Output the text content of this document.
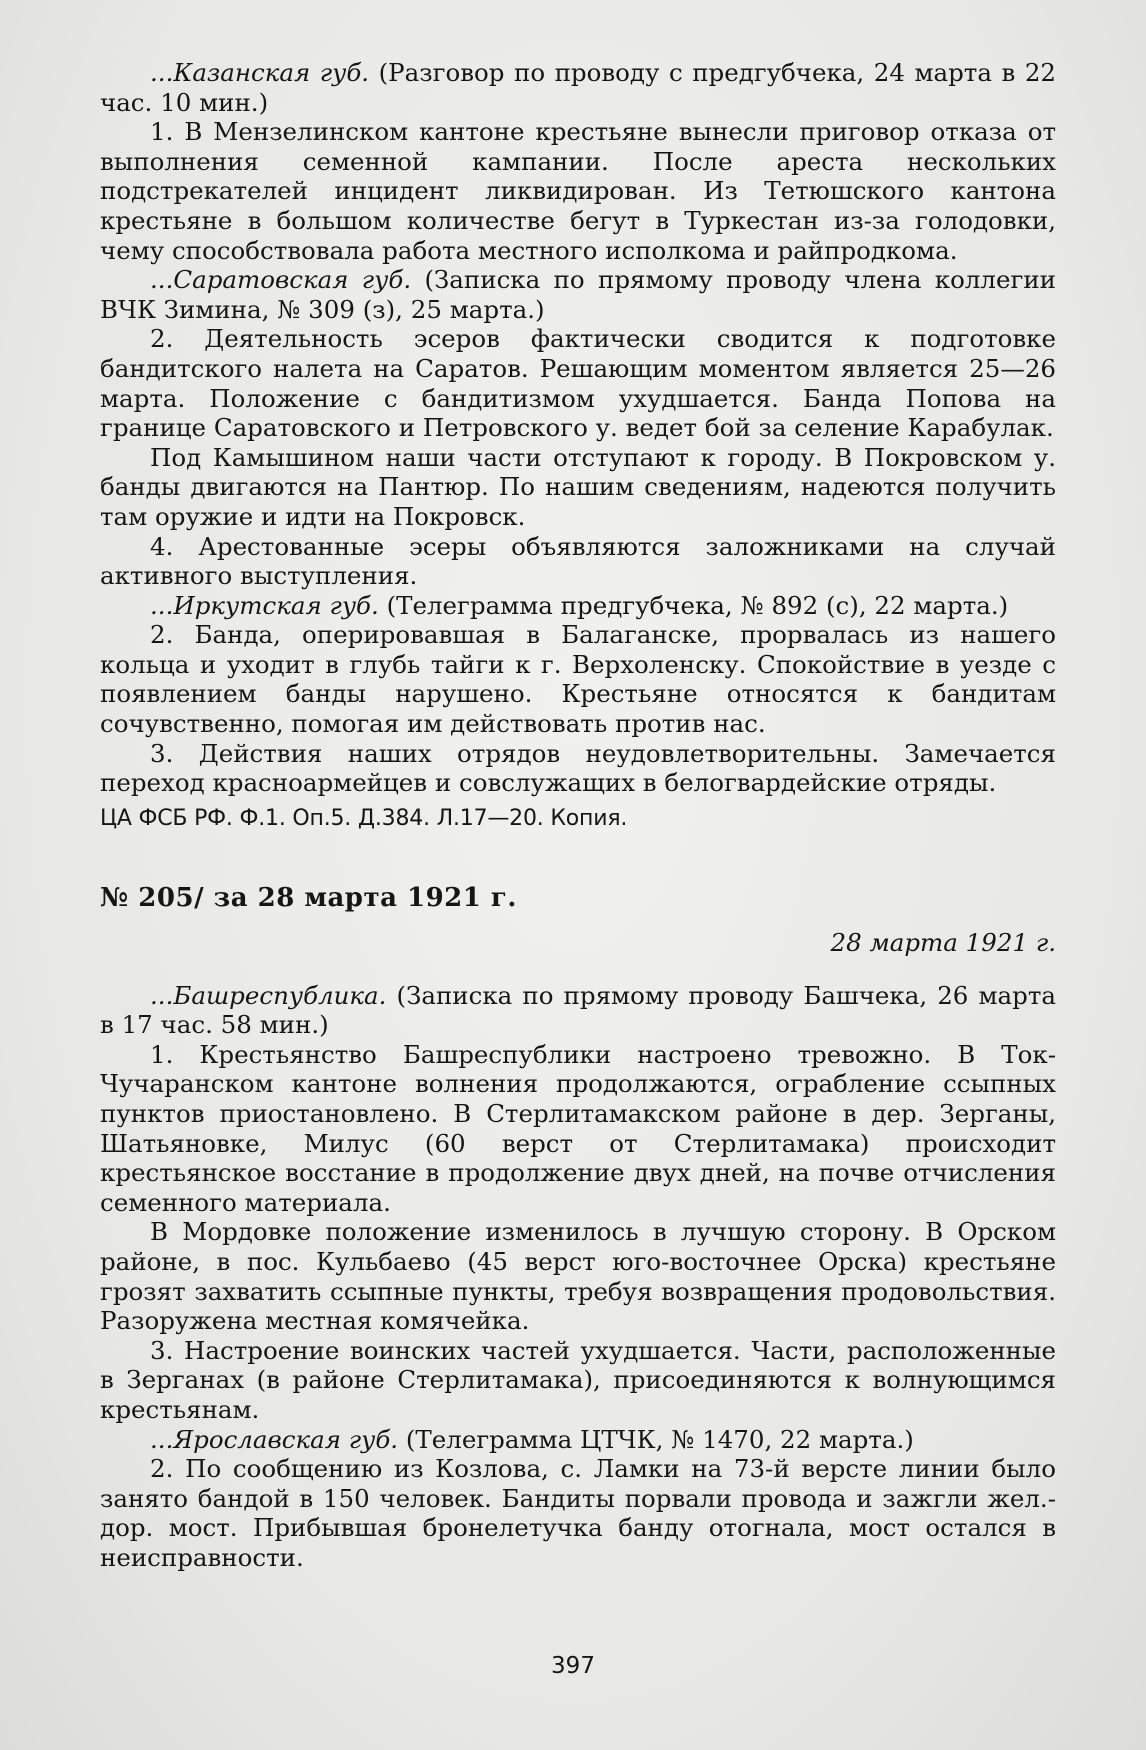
...Казанская губ. (Разговор по проводу с предгубчека, 24 марта в 22 час. 10 мин.)

1. В Мензелинском кантоне крестьяне вынесли приговор отказа от выполнения семенной кампании. После ареста нескольких подстрекателей инцидент ликвидирован. Из Тетюшского кантона крестьяне в большом количестве бегут в Туркестан из-за голодовки, чему способствовала работа местного исполкома и райпродкома.

...Саратовская губ. (Записка по прямому проводу члена коллегии ВЧК Зимина, № 309 (з), 25 марта.)

2. Деятельность эсеров фактически сводится к подготовке бандитского налета на Саратов. Решающим моментом является 25—26 марта. Положение с бандитизмом ухудшается. Банда Попова на границе Саратовского и Петровского у. ведет бой за селение Карабулак.

Под Камышином наши части отступают к городу. В Покровском у. банды двигаются на Пантюр. По нашим сведениям, надеются получить там оружие и идти на Покровск.

4. Арестованные эсеры объявляются заложниками на случай активного выступления.

...Иркутская губ. (Телеграмма предгубчека, № 892 (с), 22 марта.)

2. Банда, оперировавшая в Балаганске, прорвалась из нашего кольца и уходит в глубь тайги к г. Верхоленску. Спокойствие в уезде с появлением банды нарушено. Крестьяне относятся к бандитам сочувственно, помогая им действовать против нас.

3. Действия наших отрядов неудовлетворительны. Замечается переход красноармейцев и совслужащих в белогвардейские отряды.

ЦА ФСБ РФ. Ф.1. Оп.5. Д.384. Л.17—20. Копия.

№ 205/ за 28 марта 1921 г.

28 марта 1921 г.

...Башреспублика. (Записка по прямому проводу Башчека, 26 марта в 17 час. 58 мин.)

1. Крестьянство Башреспублики настроено тревожно. В Ток-Чучаранском кантоне волнения продолжаются, ограбление ссыпных пунктов приостановлено. В Стерлитамакском районе в дер. Зерганы, Шатьяновке, Милус (60 верст от Стерлитамака) происходит крестьянское восстание в продолжение двух дней, на почве отчисления семенного материала.

В Мордовке положение изменилось в лучшую сторону. В Орском районе, в пос. Кульбаево (45 верст юго-восточнее Орска) крестьяне грозят захватить ссыпные пункты, требуя возвращения продовольствия. Разоружена местная комячейка.

3. Настроение воинских частей ухудшается. Части, расположенные в Зерганах (в районе Стерлитамака), присоединяются к волнующимся крестьянам.

...Ярославская губ. (Телеграмма ЦТЧК, № 1470, 22 марта.)

2. По сообщению из Козлова, с. Ламки на 73-й версте линии было занято бандой в 150 человек. Бандиты порвали провода и зажгли жел.-дор. мост. Прибывшая бронелетучка банду отогнала, мост остался в неисправности.

397
